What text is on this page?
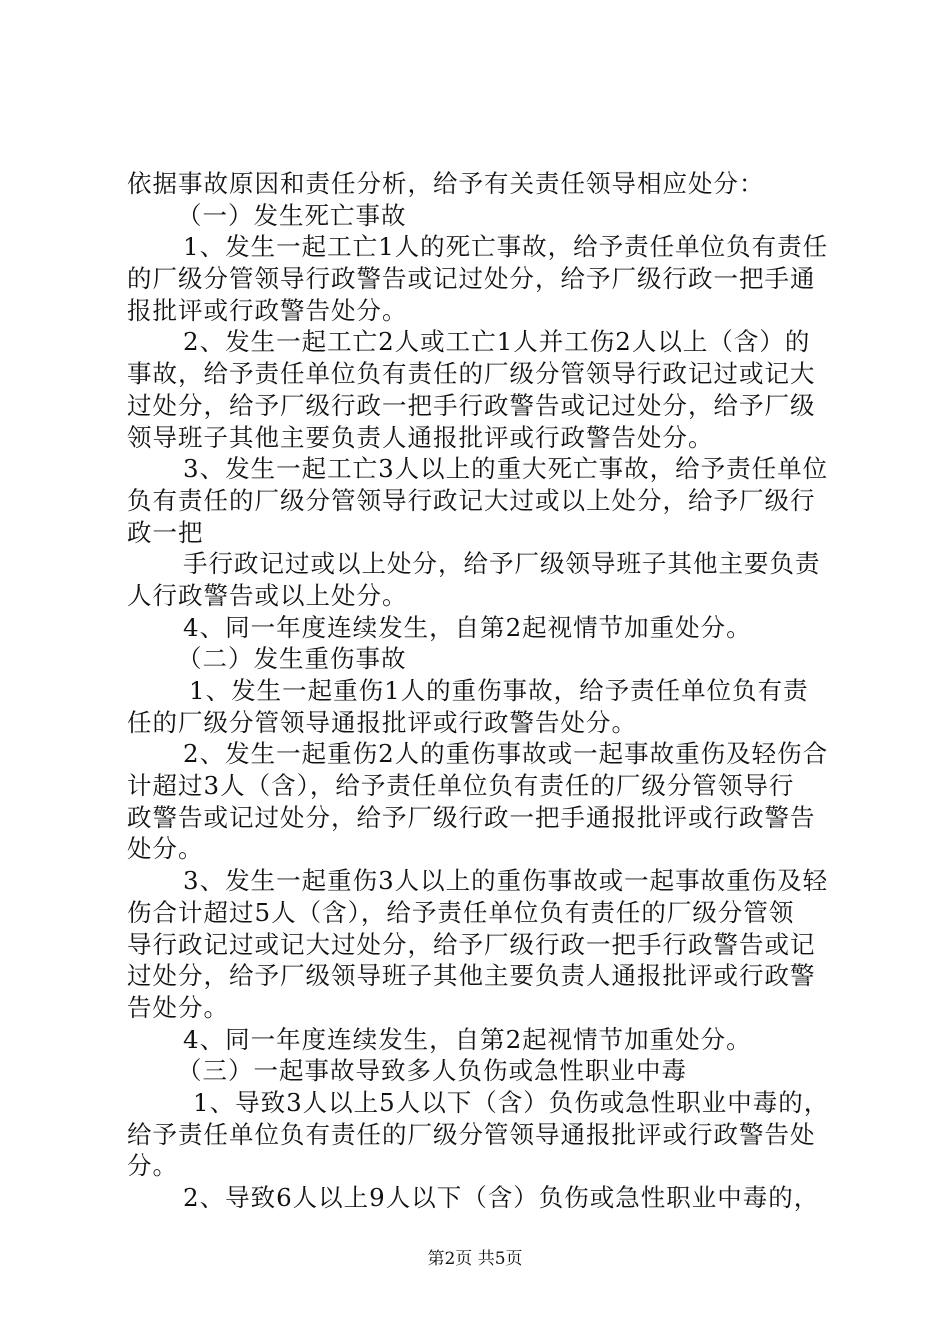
依据事故原因和责任分析，给予有关责任领导相应处分：
（一）发生死亡事故
1、发生一起工亡1人的死亡事故，给予责任单位负有责任
的厂级分管领导行政警告或记过处分，给予厂级行政一把手通
报批评或行政警告处分。
2、发生一起工亡2人或工亡1人并工伤2人以上（含）的
事故，给予责任单位负有责任的厂级分管领导行政记过或记大
过处分，给予厂级行政一把手行政警告或记过处分，给予厂级
领导班子其他主要负责人通报批评或行政警告处分。
3、发生一起工亡3人以上的重大死亡事故，给予责任单位
负有责任的厂级分管领导行政记大过或以上处分，给予厂级行
政一把
手行政记过或以上处分，给予厂级领导班子其他主要负责
人行政警告或以上处分。
4、同一年度连续发生，自第2起视情节加重处分。
（二）发生重伤事故
1、发生一起重伤1人的重伤事故，给予责任单位负有责
任的厂级分管领导通报批评或行政警告处分。
2、发生一起重伤2人的重伤事故或一起事故重伤及轻伤合
计超过3人（含），给予责任单位负有责任的厂级分管领导行
政警告或记过处分，给予厂级行政一把手通报批评或行政警告
处分。
3、发生一起重伤3人以上的重伤事故或一起事故重伤及轻
伤合计超过5人（含），给予责任单位负有责任的厂级分管领
导行政记过或记大过处分，给予厂级行政一把手行政警告或记
过处分，给予厂级领导班子其他主要负责人通报批评或行政警
告处分。
4、同一年度连续发生，自第2起视情节加重处分。
（三）一起事故导致多人负伤或急性职业中毒
1、导致3人以上5人以下（含）负伤或急性职业中毒的，
给予责任单位负有责任的厂级分管领导通报批评或行政警告处
分。
2、导致6人以上9人以下（含）负伤或急性职业中毒的，
第2页 共5页
